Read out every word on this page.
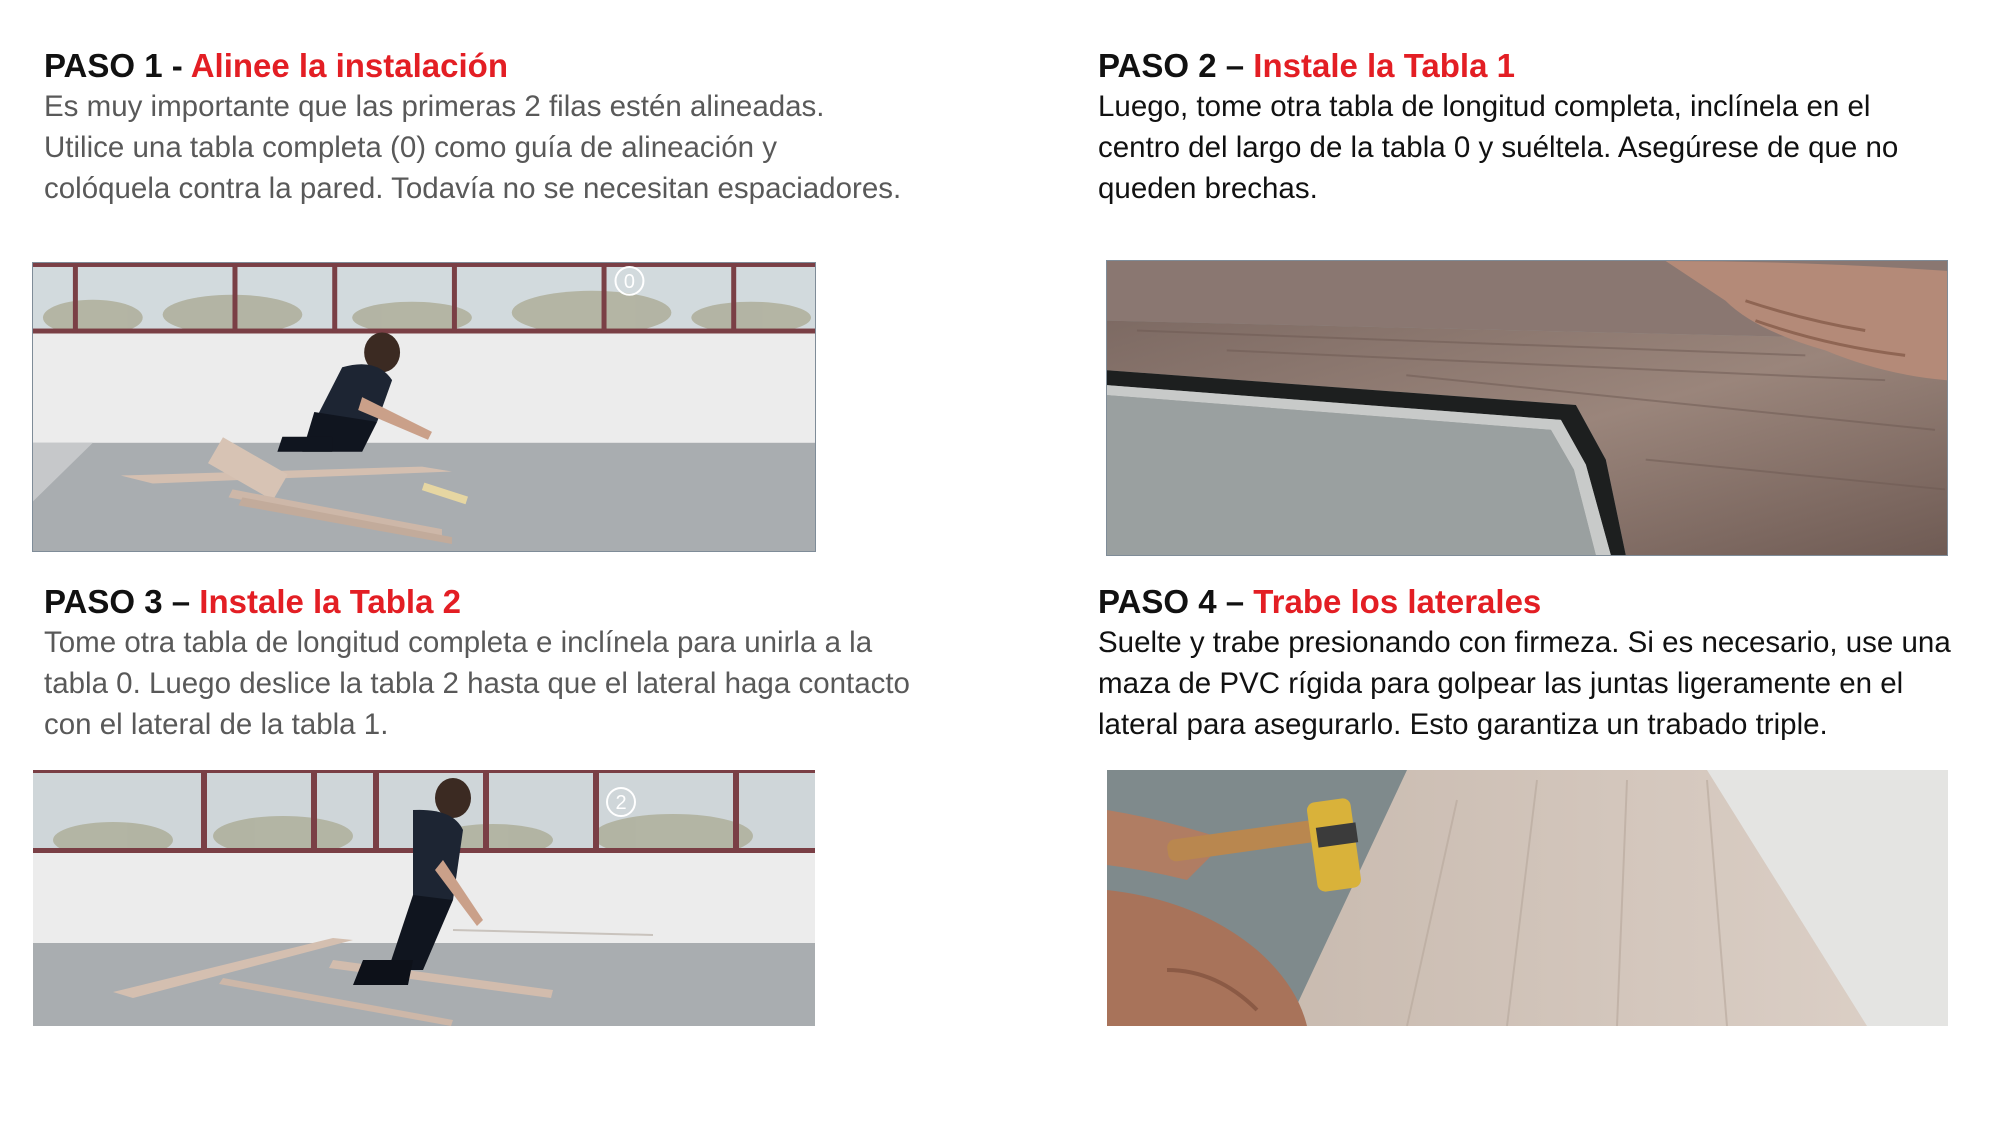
PASO 1 - Alinee la instalación

Es muy importante que las primeras 2 filas estén alineadas. Utilice una tabla completa (0) como guía de alineación y colóquela contra la pared. Todavía no se necesitan espaciadores.

0
PASO 2 – Instale la Tabla 1

Luego, tome otra tabla de longitud completa, inclínela en el centro del largo de la tabla 0 y suéltela. Asegúrese de que no queden brechas.

PASO 3 – Instale la Tabla 2

Tome otra tabla de longitud completa e inclínela para unirla a la tabla 0. Luego deslice la tabla 2 hasta que el lateral haga contacto con el lateral de la tabla 1.

2
PASO 4 – Trabe los laterales

Suelte y trabe presionando con firmeza. Si es necesario, use una maza de PVC rígida para golpear las juntas ligeramente en el lateral para asegurarlo. Esto garantiza un trabado triple.
